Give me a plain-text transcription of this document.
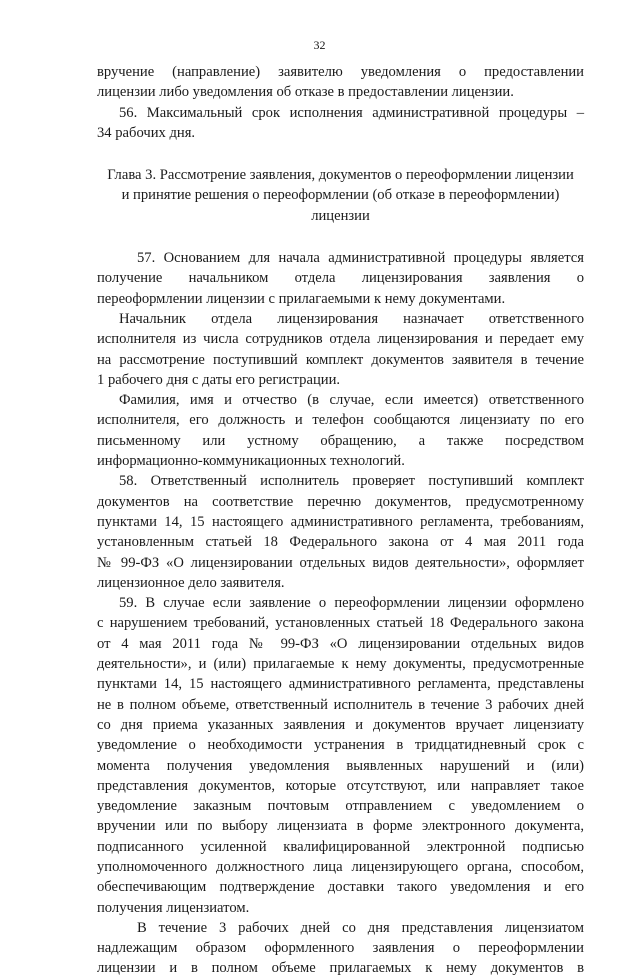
32

вручение (направление) заявителю уведомления о предоставлении
лицензии либо уведомления об отказе в предоставлении лицензии.

56. Максимальный срок исполнения административной процедуры –
34 рабочих дня.

Глава 3. Рассмотрение заявления, документов о переоформлении лицензии
и принятие решения о переоформлении (об отказе в переоформлении)
лицензии

57. Основанием для начала административной процедуры является
получение начальником отдела лицензирования заявления о
переоформлении лицензии с прилагаемыми к нему документами.

Начальник отдела лицензирования назначает ответственного
исполнителя из числа сотрудников отдела лицензирования и передает ему
на рассмотрение поступивший комплект документов заявителя в течение
1 рабочего дня с даты его регистрации.

Фамилия, имя и отчество (в случае, если имеется) ответственного
исполнителя, его должность и телефон сообщаются лицензиату по его
письменному или устному обращению, а также посредством
информационно-коммуникационных технологий.

58. Ответственный исполнитель проверяет поступивший комплект
документов на соответствие перечню документов, предусмотренному
пунктами 14, 15 настоящего административного регламента, требованиям,
установленным статьей 18 Федерального закона от 4 мая 2011 года
№ 99-ФЗ «О лицензировании отдельных видов деятельности», оформляет
лицензионное дело заявителя.

59. В случае если заявление о переоформлении лицензии оформлено
с нарушением требований, установленных статьей 18 Федерального закона
от 4 мая 2011 года № 99-ФЗ «О лицензировании отдельных видов
деятельности», и (или) прилагаемые к нему документы, предусмотренные
пунктами 14, 15 настоящего административного регламента, представлены
не в полном объеме, ответственный исполнитель в течение 3 рабочих дней
со дня приема указанных заявления и документов вручает лицензиату
уведомление о необходимости устранения в тридцатидневный срок с
момента получения уведомления выявленных нарушений и (или)
представления документов, которые отсутствуют, или направляет такое
уведомление заказным почтовым отправлением с уведомлением о
вручении или по выбору лицензиата в форме электронного документа,
подписанного усиленной квалифицированной электронной подписью
уполномоченного должностного лица лицензирующего органа, способом,
обеспечивающим подтверждение доставки такого уведомления и его
получения лицензиатом.

В течение 3 рабочих дней со дня представления лицензиатом
надлежащим образом оформленного заявления о переоформлении
лицензии и в полном объеме прилагаемых к нему документов в
